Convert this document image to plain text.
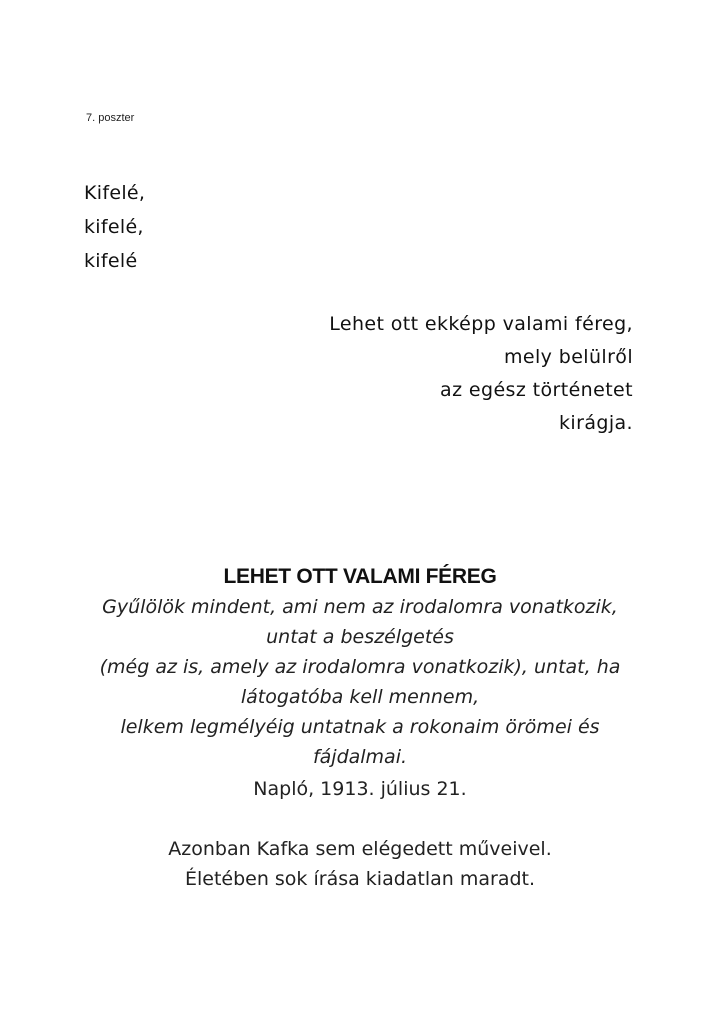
7. poszter
Kifelé,
kifelé,
kifelé
Lehet ott ekképp valami féreg,
mely belülről
az egész történetet
kirágja.
LEHET OTT VALAMI FÉREG
Gyűlölök mindent, ami nem az irodalomra vonatkozik,
untat a beszélgetés
(még az is, amely az irodalomra vonatkozik), untat, ha
látogatóba kell mennem,
lelkem legmélyéig untatnak a rokonaim örömei és
fájdalmai.
Napló, 1913. július 21.
Azonban Kafka sem elégedett műveivel.
Életében sok írása kiadatlan maradt.
